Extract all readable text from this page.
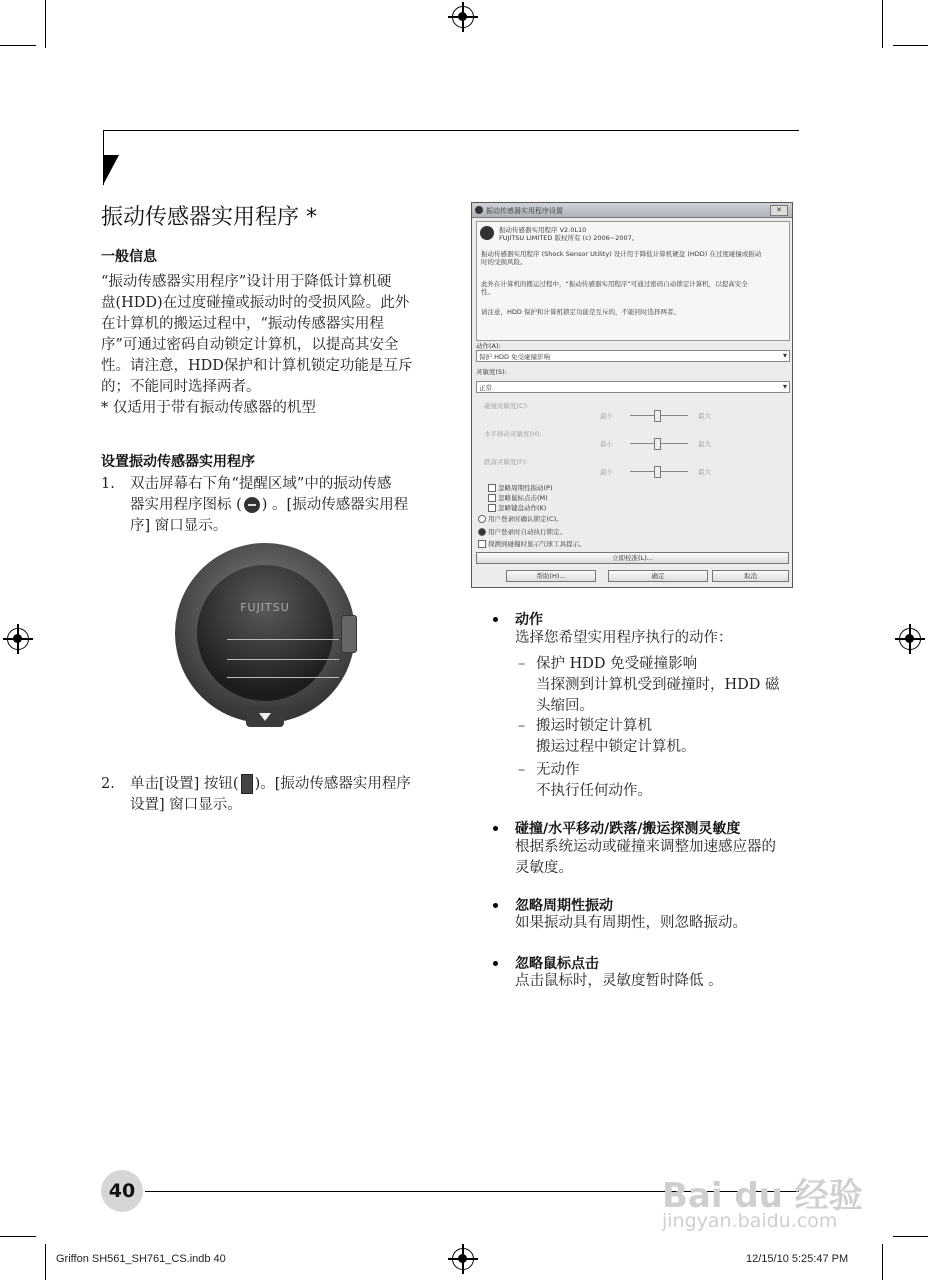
振动传感器实用程序 *
一般信息
“振动传感器实用程序”设计用于降低计算机硬
盘(HDD)在过度碰撞或振动时的受损风险。此外
在计算机的搬运过程中，“振动传感器实用程
序”可通过密码自动锁定计算机，以提高其安全
性。请注意，HDD保护和计算机锁定功能是互斥
的；不能同时选择两者。
* 仅适用于带有振动传感器的机型
设置振动传感器实用程序
1. 双击屏幕右下角“提醒区域”中的振动传感
器实用程序图标 ( ) 。[振动传感器实用程
序] 窗口显示。
FUJITSU
2. 单击[设置] 按钮( )。[振动传感器实用程序
设置] 窗口显示。
振动传感器实用程序设置	✕
振动传感器实用程序 V2.0L10
FUJITSU LIMITED 版权所有 (c) 2006~2007。
振动传感器实用程序 (Shock Sensor Utility) 设计用于降低计算机硬盘 (HDD) 在过度碰撞或振动
时的受损风险。
此外在计算机的搬运过程中，“振动传感器实用程序”可通过密码自动锁定计算机，以提高安全
性。
请注意，HDD 保护和计算机锁定功能是互斥的，不能同时选择两者。
动作(A):
保护 HDD 免受碰撞影响
▾
灵敏度(S):
正常
▾
碰撞灵敏度(C):
最小	最大
水平移动灵敏度(H):
最小	最大
跌落灵敏度(F):
最小	最大
忽略周期性振动(P)
忽略鼠标点击(M)
忽略键盘动作(K)
用户登录时确认锁定(C)。
用户登录时自动执行锁定。
探测到碰撞时显示气球工具提示。
立即校准(L)...
帮助(H)...	确定	取消
动作
选择您希望实用程序执行的动作：
– 保护 HDD 免受碰撞影响
当探测到计算机受到碰撞时，HDD 磁
头缩回。
– 搬运时锁定计算机
搬运过程中锁定计算机。
– 无动作
不执行任何动作。
碰撞/水平移动/跌落/搬运探测灵敏度
根据系统运动或碰撞来调整加速感应器的
灵敏度。
忽略周期性振动
如果振动具有周期性，则忽略振动。
忽略鼠标点击
点击鼠标时，灵敏度暂时降低 。
40
Griffon SH561_SH761_CS.indb 40	12/15/10 5:25:47 PM
Bai du 经验
jingyan.baidu.com
